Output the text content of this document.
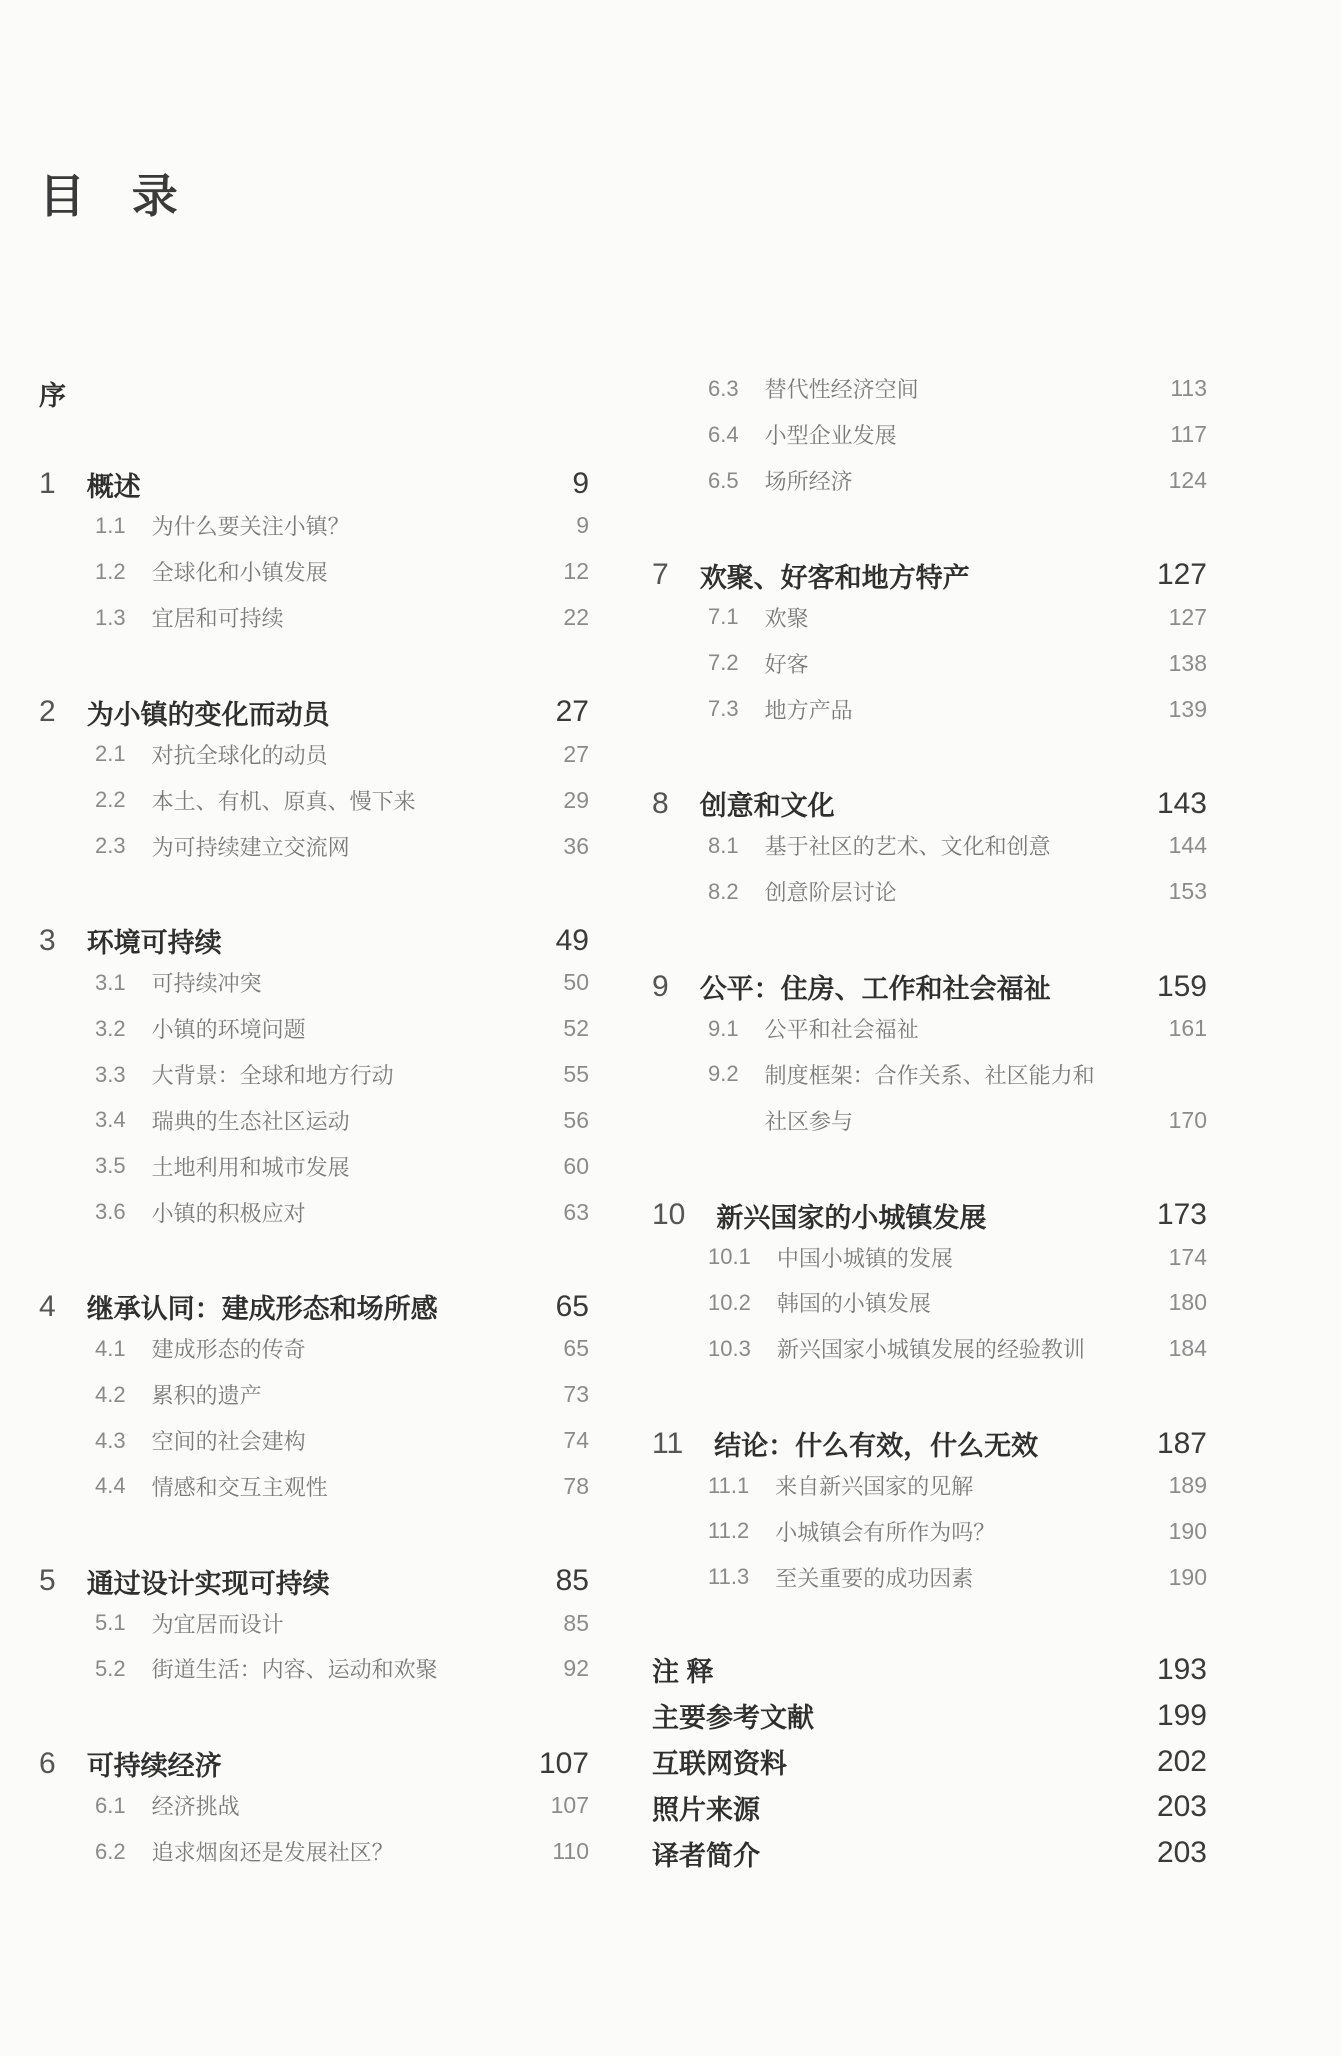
目 录
序
1 概述	9
1.1 为什么要关注小镇？	9
1.2 全球化和小镇发展	12
1.3 宜居和可持续	22
2 为小镇的变化而动员	27
2.1 对抗全球化的动员	27
2.2 本土、有机、原真、慢下来	29
2.3 为可持续建立交流网	36
3 环境可持续	49
3.1 可持续冲突	50
3.2 小镇的环境问题	52
3.3 大背景：全球和地方行动	55
3.4 瑞典的生态社区运动	56
3.5 土地利用和城市发展	60
3.6 小镇的积极应对	63
4 继承认同：建成形态和场所感	65
4.1 建成形态的传奇	65
4.2 累积的遗产	73
4.3 空间的社会建构	74
4.4 情感和交互主观性	78
5 通过设计实现可持续	85
5.1 为宜居而设计	85
5.2 街道生活：内容、运动和欢聚	92
6 可持续经济	107
6.1 经济挑战	107
6.2 追求烟囱还是发展社区？	110
6.3 替代性经济空间	113
6.4 小型企业发展	117
6.5 场所经济	124
7 欢聚、好客和地方特产	127
7.1 欢聚	127
7.2 好客	138
7.3 地方产品	139
8 创意和文化	143
8.1 基于社区的艺术、文化和创意	144
8.2 创意阶层讨论	153
9 公平：住房、工作和社会福祉	159
9.1 公平和社会福祉	161
9.2 制度框架：合作关系、社区能力和
社区参与	170
10 新兴国家的小城镇发展	173
10.1 中国小城镇的发展	174
10.2 韩国的小镇发展	180
10.3 新兴国家小城镇发展的经验教训	184
11 结论：什么有效，什么无效	187
11.1 来自新兴国家的见解	189
11.2 小城镇会有所作为吗？	190
11.3 至关重要的成功因素	190
注 释	193
主要参考文献	199
互联网资料	202
照片来源	203
译者简介	203
